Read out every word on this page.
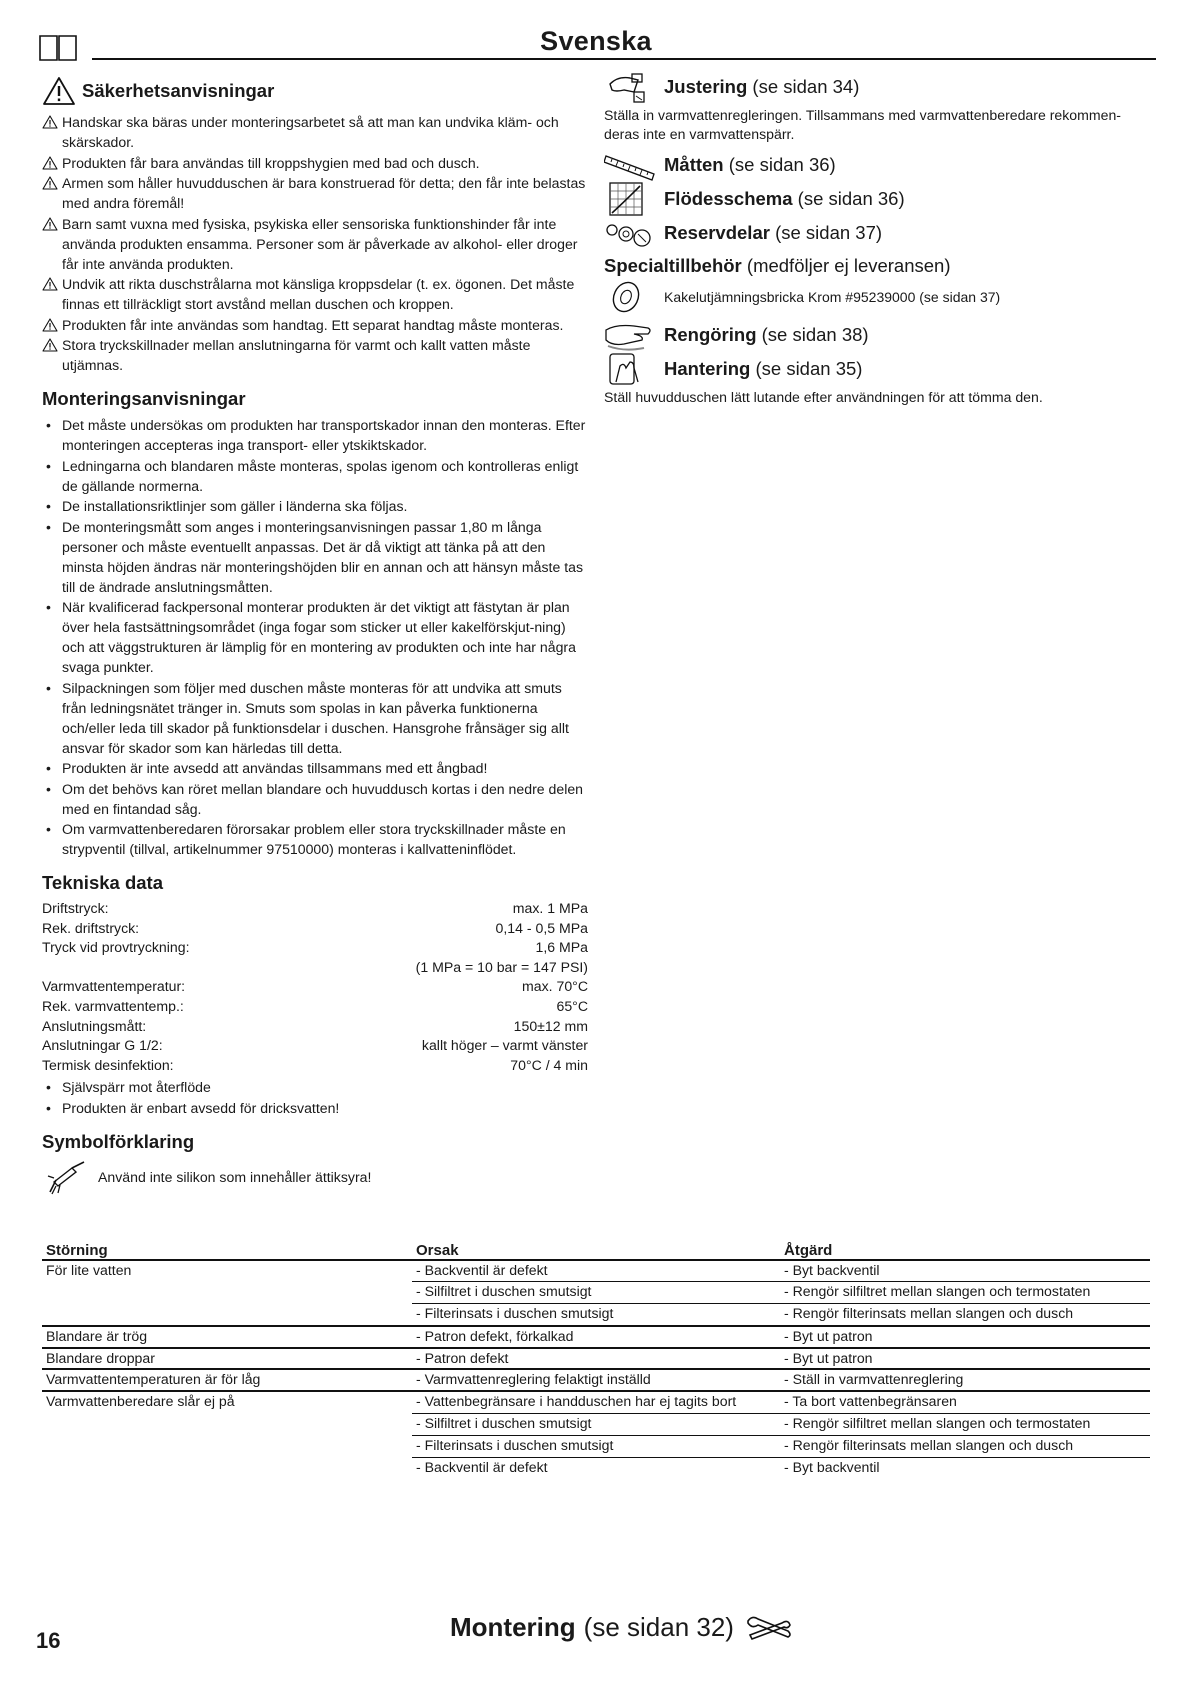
Svenska
Säkerhetsanvisningar
Handskar ska bäras under monteringsarbetet så att man kan undvika kläm- och skärskador.
Produkten får bara användas till kroppshygien med bad och dusch.
Armen som håller huvudduschen är bara konstruerad för detta; den får inte belastas med andra föremål!
Barn samt vuxna med fysiska, psykiska eller sensoriska funktionshinder får inte använda produkten ensamma. Personer som är påverkade av alkohol- eller droger får inte använda produkten.
Undvik att rikta duschstrålarna mot känsliga kroppsdelar (t. ex. ögonen. Det måste finnas ett tillräckligt stort avstånd mellan duschen och kroppen.
Produkten får inte användas som handtag. Ett separat handtag måste monteras.
Stora tryckskillnader mellan anslutningarna för varmt och kallt vatten måste utjämnas.
Monteringsanvisningar
• Det måste undersökas om produkten har transportskador innan den monteras. Efter monteringen accepteras inga transport- eller ytskiktskador.
• Ledningarna och blandaren måste monteras, spolas igenom och kontrolleras enligt de gällande normerna.
• De installationsriktlinjer som gäller i länderna ska följas.
• De monteringsmått som anges i monteringsanvisningen passar 1,80 m långa personer och måste eventuellt anpassas. Det är då viktigt att tänka på att den minsta höjden ändras när monteringshöjden blir en annan och att hänsyn måste tas till de ändrade anslutningsmåtten.
• När kvalificerad fackpersonal monterar produkten är det viktigt att fästytan är plan över hela fastsättningsområdet (inga fogar som sticker ut eller kakelförskjut-ning) och att väggstrukturen är lämplig för en montering av produkten och inte har några svaga punkter.
• Silpackningen som följer med duschen måste monteras för att undvika att smuts från ledningsnätet tränger in. Smuts som spolas in kan påverka funktionerna och/eller leda till skador på funktionsdelar i duschen. Hansgrohe frånsäger sig allt ansvar för skador som kan härledas till detta.
• Produkten är inte avsedd att användas tillsammans med ett ångbad!
• Om det behövs kan röret mellan blandare och huvuddusch kortas i den nedre delen med en fintandad såg.
• Om varmvattenberedaren förorsakar problem eller stora tryckskillnader måste en strypventil (tillval, artikelnummer 97510000) monteras i kallvatteninflödet.
Tekniska data
Driftstryck:	max. 1 MPa
Rek. driftstryck:	0,14 - 0,5 MPa
Tryck vid provtryckning:	1,6 MPa
(1 MPa = 10 bar = 147 PSI)
Varmvattentemperatur:	max. 70°C
Rek. varmvattentemp.:	65°C
Anslutningsmått:	150±12 mm
Anslutningar G 1/2:	kallt höger – varmt vänster
Termisk desinfektion:	70°C / 4 min
• Självspärr mot återflöde
• Produkten är enbart avsedd för dricksvatten!
Symbolförklaring
Använd inte silikon som innehåller ättiksyra!
Justering (se sidan 34)
Ställa in varmvattenregleringen. Tillsammans med varmvattenberedare rekommen-deras inte en varmvattenspärr.
Måtten (se sidan 36)
Flödesschema (se sidan 36)
Reservdelar (se sidan 37)
Specialtillbehör (medföljer ej leveransen)
Kakelutjämningsbricka Krom #95239000 (se sidan 37)
Rengöring (se sidan 38)
Hantering (se sidan 35)
Ställ huvudduschen lätt lutande efter användningen för att tömma den.
Störning	Orsak	Åtgärd
För lite vatten	- Backventil är defekt	- Byt backventil
	- Silfiltret i duschen smutsigt	- Rengör silfiltret mellan slangen och termostaten
	- Filterinsats i duschen smutsigt	- Rengör filterinsats mellan slangen och dusch
Blandare är trög	- Patron defekt, förkalkad	- Byt ut patron
Blandare droppar	- Patron defekt	- Byt ut patron
Varmvattentemperaturen är för låg	- Varmvattenreglering felaktigt inställd	- Ställ in varmvattenreglering
Varmvattenberedare slår ej på	- Vattenbegränsare i handduschen har ej tagits bort	- Ta bort vattenbegränsaren
	- Silfiltret i duschen smutsigt	- Rengör silfiltret mellan slangen och termostaten
	- Filterinsats i duschen smutsigt	- Rengör filterinsats mellan slangen och dusch
	- Backventil är defekt	- Byt backventil
16	Montering (se sidan 32)
